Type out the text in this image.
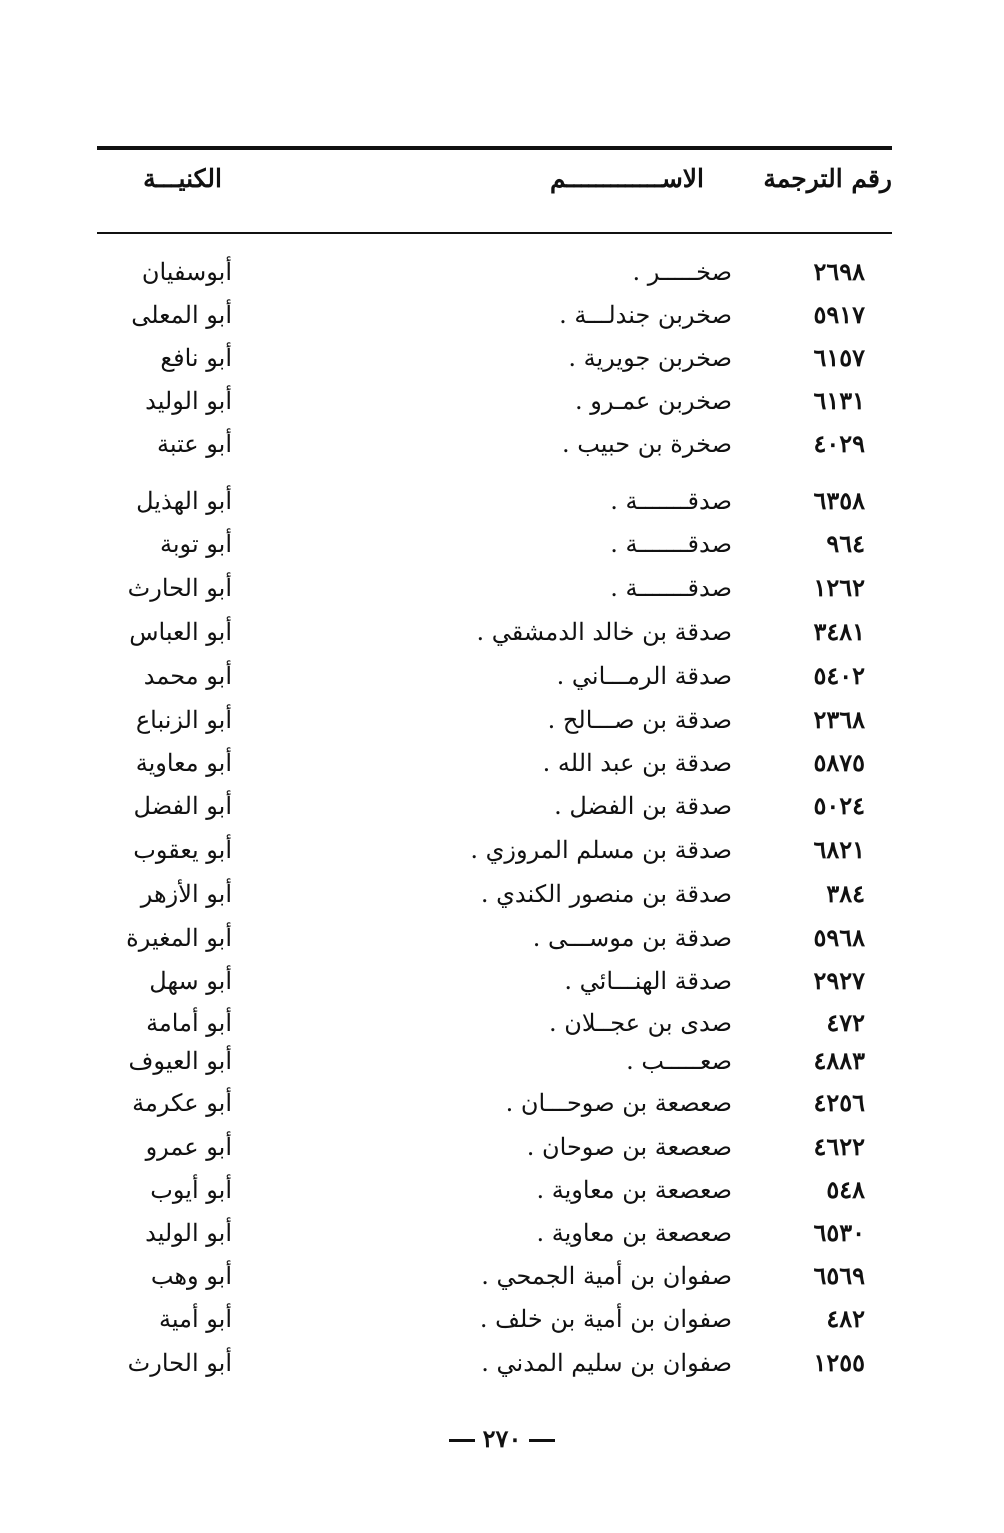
رقم الترجمة
الاســـــــــــــم
الكنيـــة
٢٦٩٨
صخـــــر .
أبوسفيان
٥٩١٧
صخربن جندلـــة .
أبو المعلى
٦١٥٧
صخربن جويرية .
أبو نافع
٦١٣١
صخربن عمـرو .
أبو الوليد
٤٠٢٩
صخرة بن حبيب .
أبو عتبة
٦٣٥٨
صدقـــــــة .
أبو الهذيل
٩٦٤
صدقـــــــة .
أبو توبة
١٢٦٢
صدقـــــــة .
أبو الحارث
٣٤٨١
صدقة بن خالد الدمشقي .
أبو العباس
٥٤٠٢
صدقة الرمـــاني .
أبو محمد
٢٣٦٨
صدقة بن صـــالح .
أبو الزنباع
٥٨٧٥
صدقة بن عبد الله .
أبو معاوية
٥٠٢٤
صدقة بن الفضل .
أبو الفضل
٦٨٢١
صدقة بن مسلم المروزي .
أبو يعقوب
٣٨٤
صدقة بن منصور الكندي .
أبو الأزهر
٥٩٦٨
صدقة بن موســـى .
أبو المغيرة
٢٩٢٧
صدقة الهنـــائي .
أبو سهل
٤٧٢
صدى بن عجــلان .
أبو أمامة
٤٨٨٣
صعـــــب .
أبو العيوف
٤٢٥٦
صعصعة بن صوحـــان .
أبو عكرمة
٤٦٢٢
صعصعة بن صوحان .
أبو عمرو
٥٤٨
صعصعة بن معاوية .
أبو أيوب
٦٥٣٠
صعصعة بن معاوية .
أبو الوليد
٦٥٦٩
صفوان بن أمية الجمحي .
أبو وهب
٤٨٢
صفوان بن أمية بن خلف .
أبو أمية
١٢٥٥
صفوان بن سليم المدني .
أبو الحارث
٢٧٠
